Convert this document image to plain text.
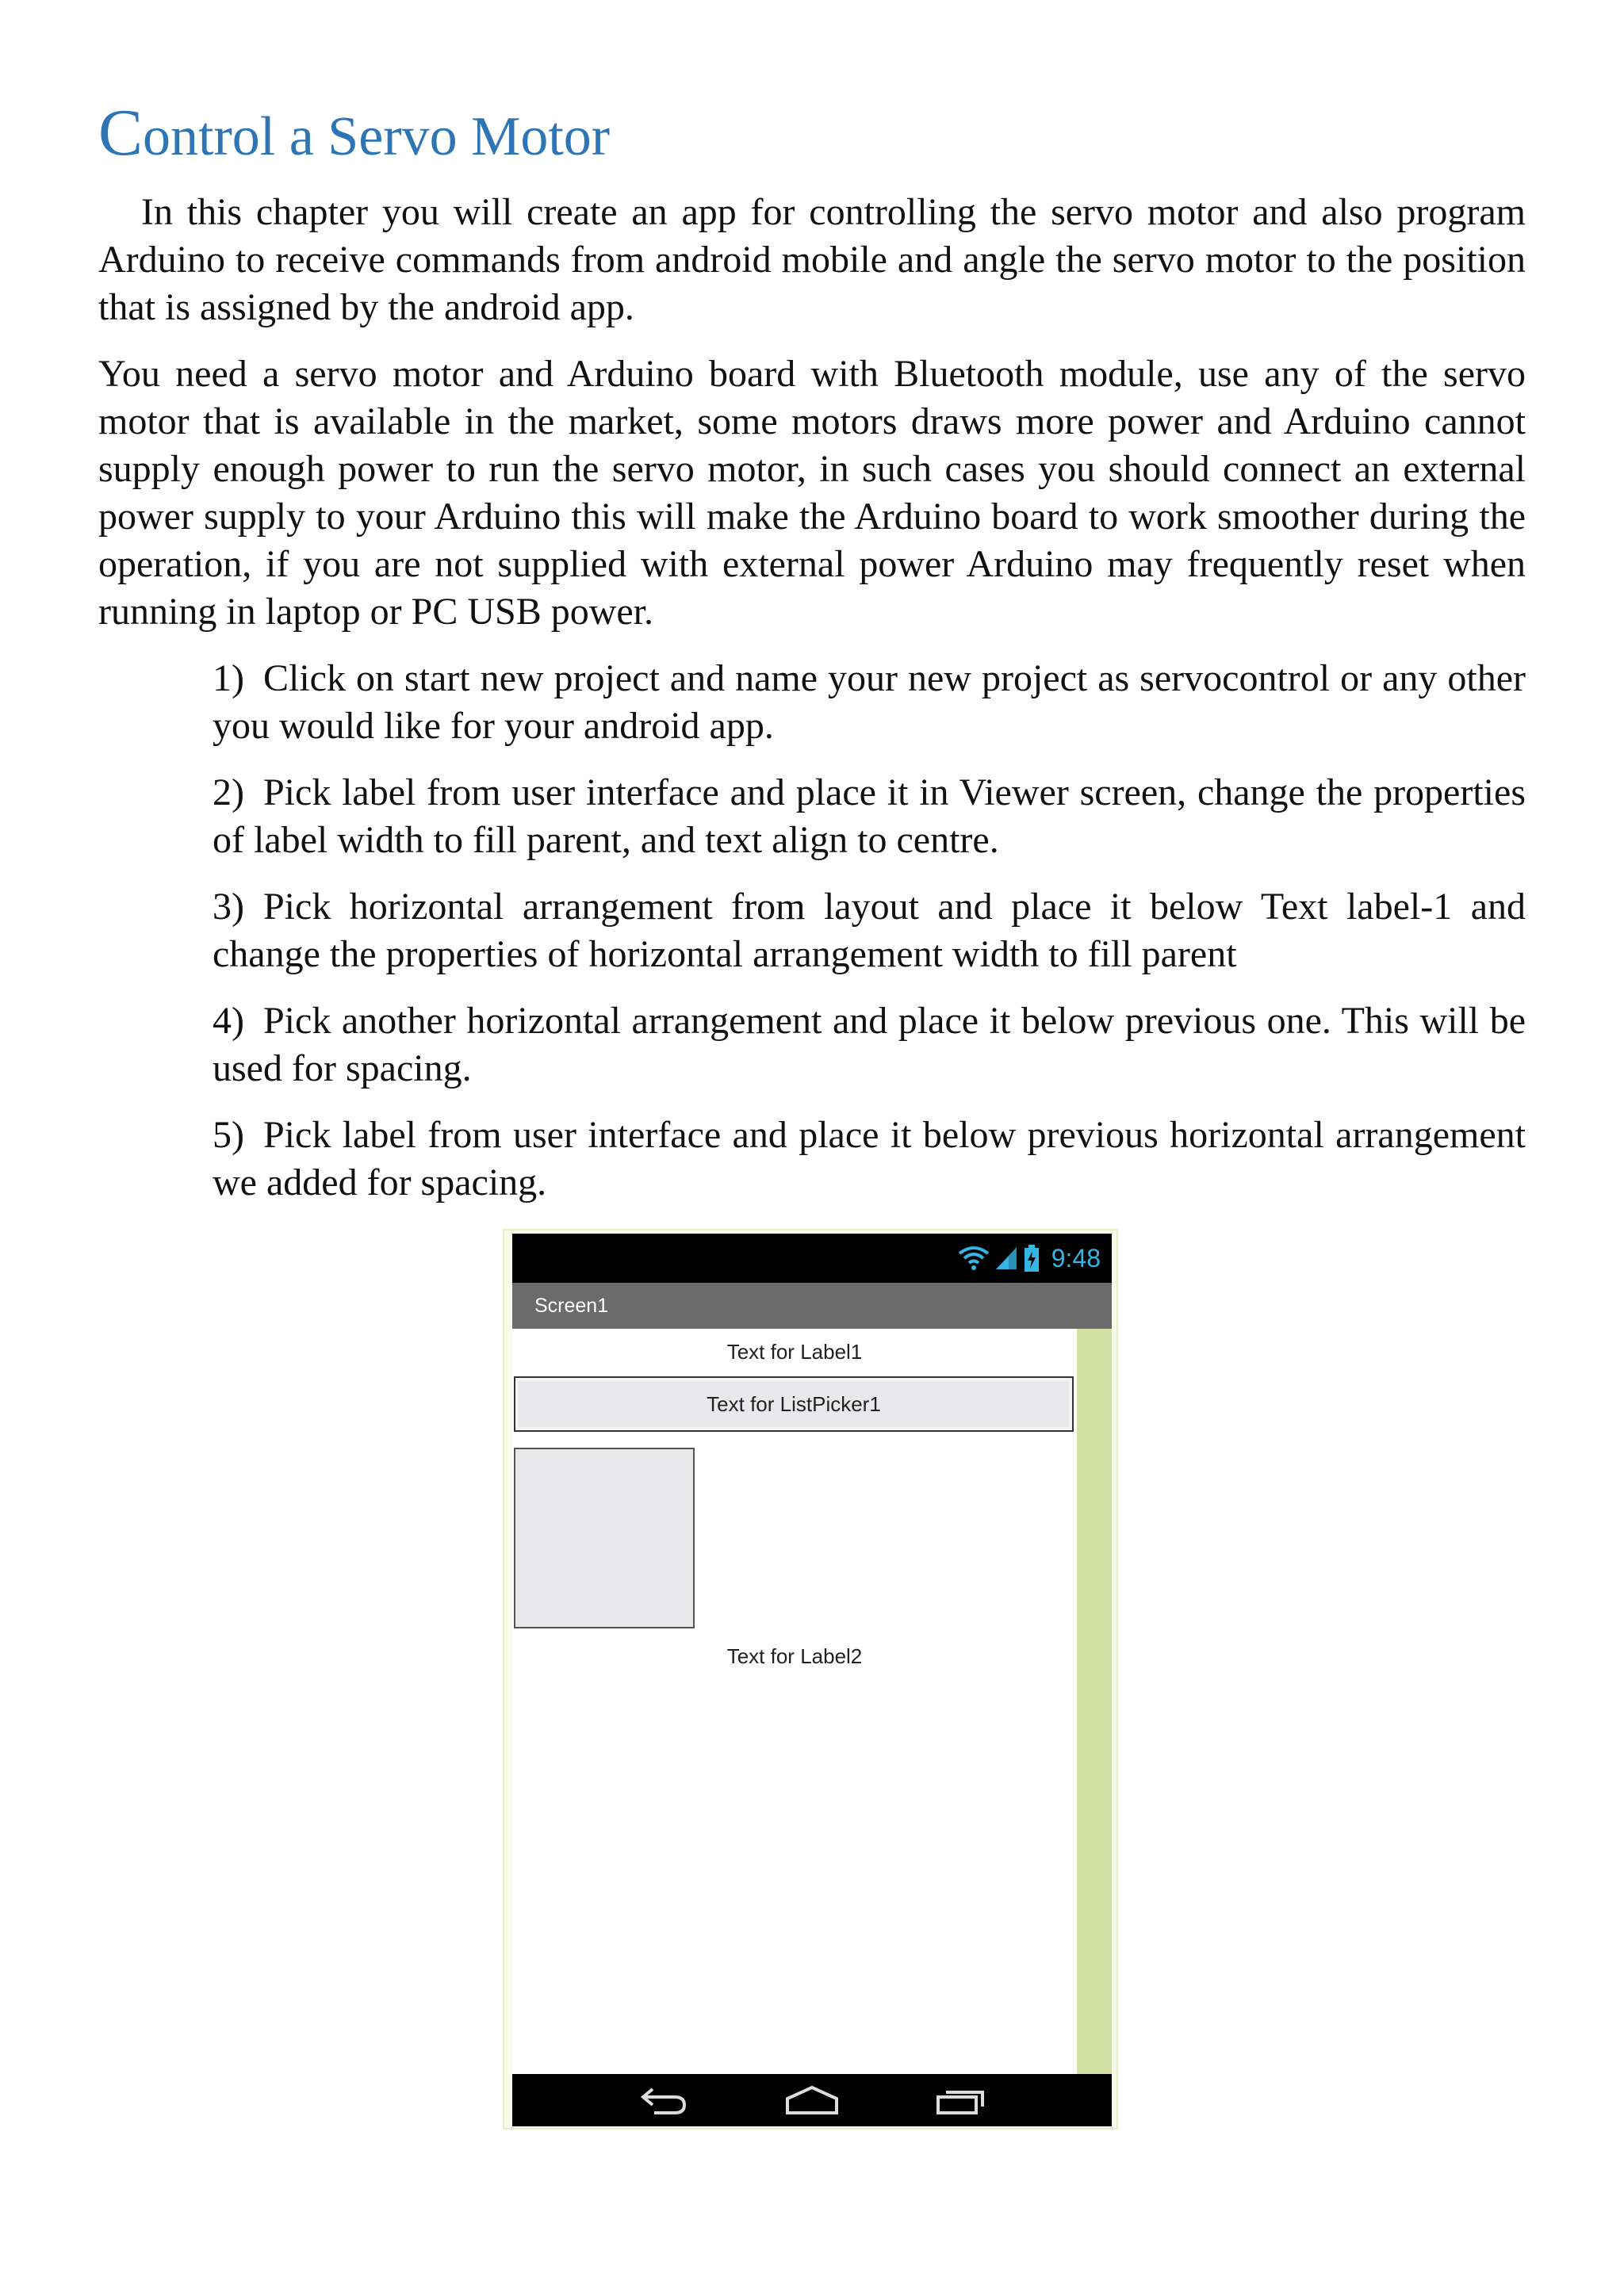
Control a Servo Motor

In this chapter you will create an app for controlling the servo motor and also program Arduino to receive commands from android mobile and angle the servo motor to the position that is assigned by the android app.

You need a servo motor and Arduino board with Bluetooth module, use any of the servo motor that is available in the market, some motors draws more power and Arduino cannot supply enough power to run the servo motor, in such cases you should connect an external power supply to your Arduino this will make the Arduino board to work smoother during the operation, if you are not supplied with external power Arduino may frequently reset when running in laptop or PC USB power.

1) Click on start new project and name your new project as servocontrol or any other you would like for your android app.

2) Pick label from user interface and place it in Viewer screen, change the properties of label width to fill parent, and text align to centre.

3) Pick horizontal arrangement from layout and place it below Text label-1 and change the properties of horizontal arrangement width to fill parent

4) Pick another horizontal arrangement and place it below previous one. This will be used for spacing.

5) Pick label from user interface and place it below previous horizontal arrangement we added for spacing.

9:48
Screen1
Text for Label1
Text for ListPicker1
Text for Label2
